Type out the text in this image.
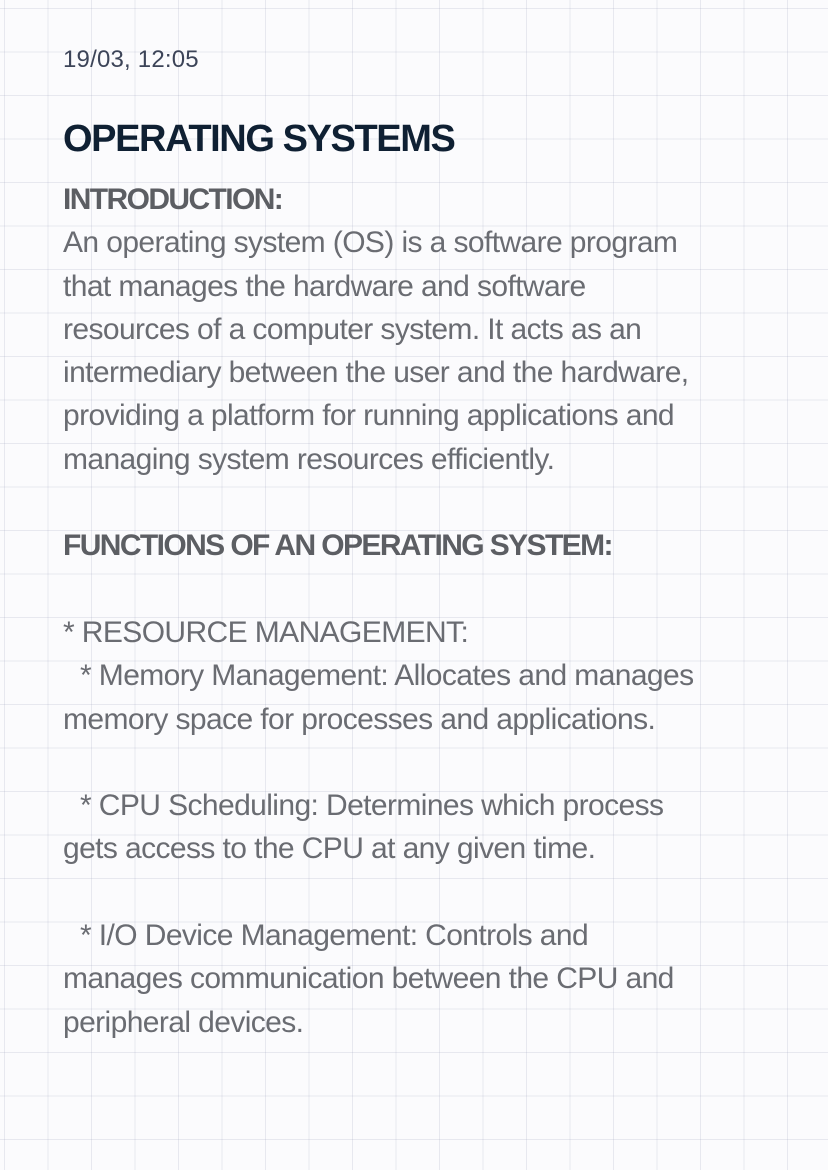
19/03, 12:05
OPERATING SYSTEMS
INTRODUCTION:
An operating system (OS) is a software program
that manages the hardware and software
resources of a computer system. It acts as an
intermediary between the user and the hardware,
providing a platform for running applications and
managing system resources efficiently.
FUNCTIONS OF AN OPERATING SYSTEM:
* RESOURCE MANAGEMENT:
* Memory Management: Allocates and manages
memory space for processes and applications.
* CPU Scheduling: Determines which process
gets access to the CPU at any given time.
* I/O Device Management: Controls and
manages communication between the CPU and
peripheral devices.
